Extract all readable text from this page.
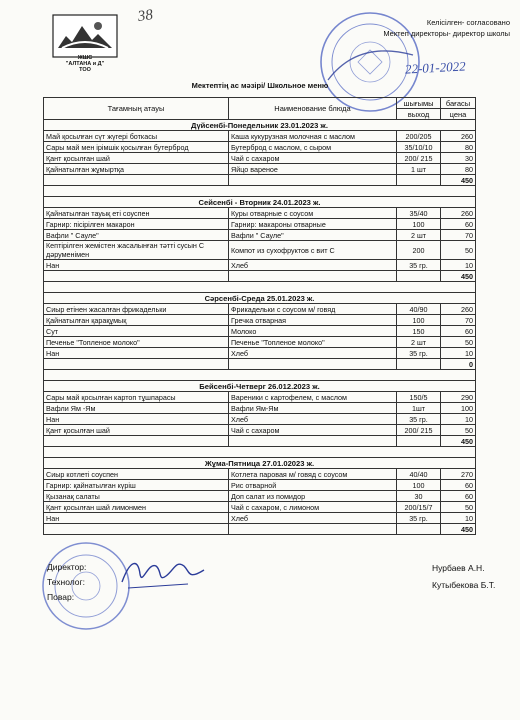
ЖШС
"АЛТАНА и Д"
ТОО
38	Келісілген- согласовано
Мектеп директоры- директор школы
22-01-2022
Мектептің ас мәзірі/ Школьное меню
Тағамның атауы	Наименование блюда	шығымы	бағасы
		выход	цена
Дүйсенбі-Понедельник 23.01.2023 ж.			
Май қосылған сүт жүгері боткасы	Каша кукурузная молочная с маслом	200/205	260
Сары май мен ірімшік қосылған бутерброд	Бутерброд с маслом, с сыром	35/10/10	80
Қант қосылған шай	Чай с сахаром	200/ 215	30
Қайнатылған жұмыртқа	Яйцо вареное	1 шт	80
			450

Сейсенбі - Вторник 24.01.2023 ж.			
Қайнатылған тауық еті соуспен	Куры отварные с соусом	35/40	260
Гарнир: пісірілген макарон	Гарнир: макароны отварные	100	60
Вафли " Сауле"	Вафли " Сауле"	2 шт	70
Кептірілген жемістен жасалынған тәтті сусын С дәруменімен	Компот из сухофруктов с вит С	200	50
Нан	Хлеб	35 гр.	10
			450

Сәрсенбі-Среда 25.01.2023 ж.			
Сиыр етінен жасалған фрикадельки	Фрикадельки с соусом м/ говяд	40/90	260
Қайнатылған қарақұмық	Гречка отварная	100	70
Сут	Молоко	150	60
Печенье "Топленое молоко"	Печенье "Топленое молоко"	2 шт	50
Нан	Хлеб	35 гр.	10
			0

Бейсенбі-Четверг 26.012.2023 ж.			
Сары май қосылған картоп тұшпарасы	Вареники с картофелем, с маслом	150/5	290
Вафли Ям -Ям	Вафли Ям-Ям	1шт	100
Нан	Хлеб	35 гр.	10
Қант қосылған шай	Чай с сахаром	200/ 215	50
			450

Жұма-Пятница 27.01.02023 ж.			
Сиыр котлеті соуспен	Котлета паровая м/ говяд с соусом	40/40	270
Гарнир: қайнатылған күріш	Рис отварной	100	60
Қызанақ салаты	Доп салат из помидор	30	60
Қант қосылған шай лимонмен	Чай с сахаром, с лимоном	200/15/7	50
Нан	Хлеб	35 гр.	10
			450
Директор:
Технолог:
Повар:
Нурбаев А.Н.
Кутыбекова Б.Т.
